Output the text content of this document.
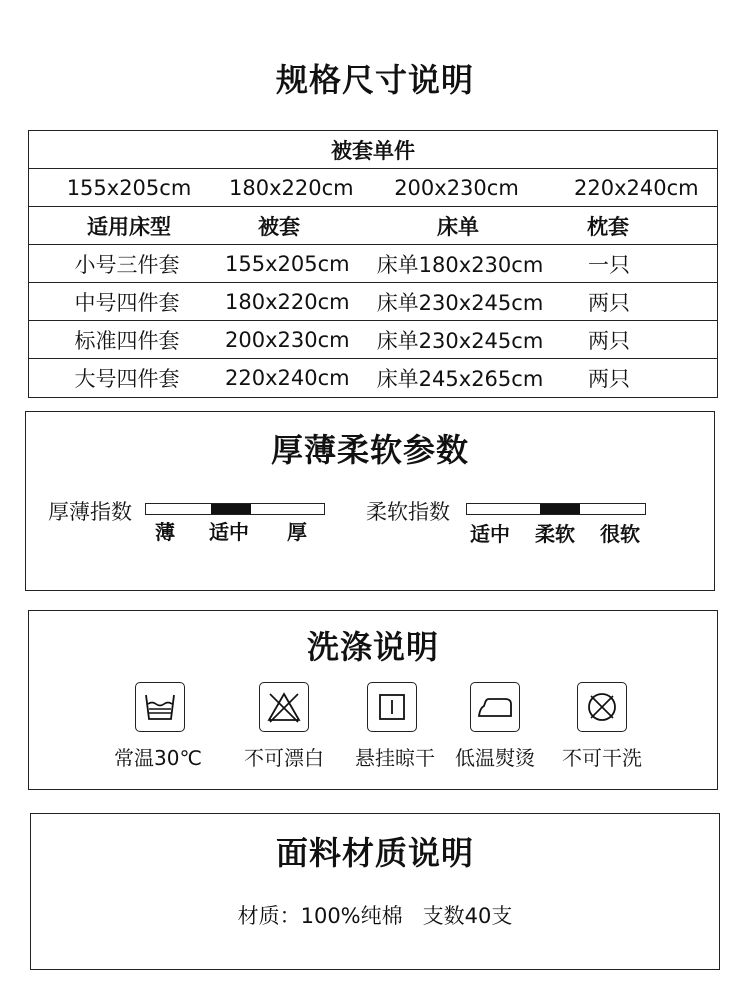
规格尺寸说明
被套单件
155x205cm	180x220cm	200x230cm	220x240cm
适用床型	被套	床单	枕套
小号三件套	155x205cm	床单180x230cm	一只
中号四件套	180x220cm	床单230x245cm	两只
标准四件套	200x230cm	床单230x245cm	两只
大号四件套	220x240cm	床单245x265cm	两只
厚薄柔软参数
厚薄指数
薄 适中 厚
柔软指数
适中 柔软 很软
洗涤说明
常温30℃	不可漂白	悬挂晾干	低温熨烫	不可干洗
面料材质说明
材质：100%纯棉   支数40支
